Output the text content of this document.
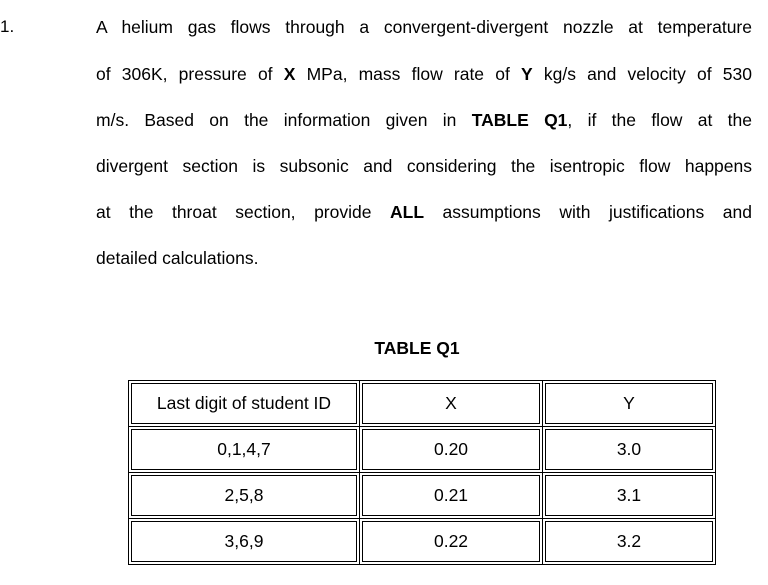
1.	A helium gas flows through a convergent-divergent nozzle at temperature
of 306K, pressure of X MPa, mass flow rate of Y kg/s and velocity of 530
m/s. Based on the information given in TABLE Q1, if the flow at the
divergent section is subsonic and considering the isentropic flow happens
at the throat section, provide ALL assumptions with justifications and
detailed calculations.
TABLE Q1
Last digit of student ID	X	Y
0,1,4,7	0.20	3.0
2,5,8	0.21	3.1
3,6,9	0.22	3.2
